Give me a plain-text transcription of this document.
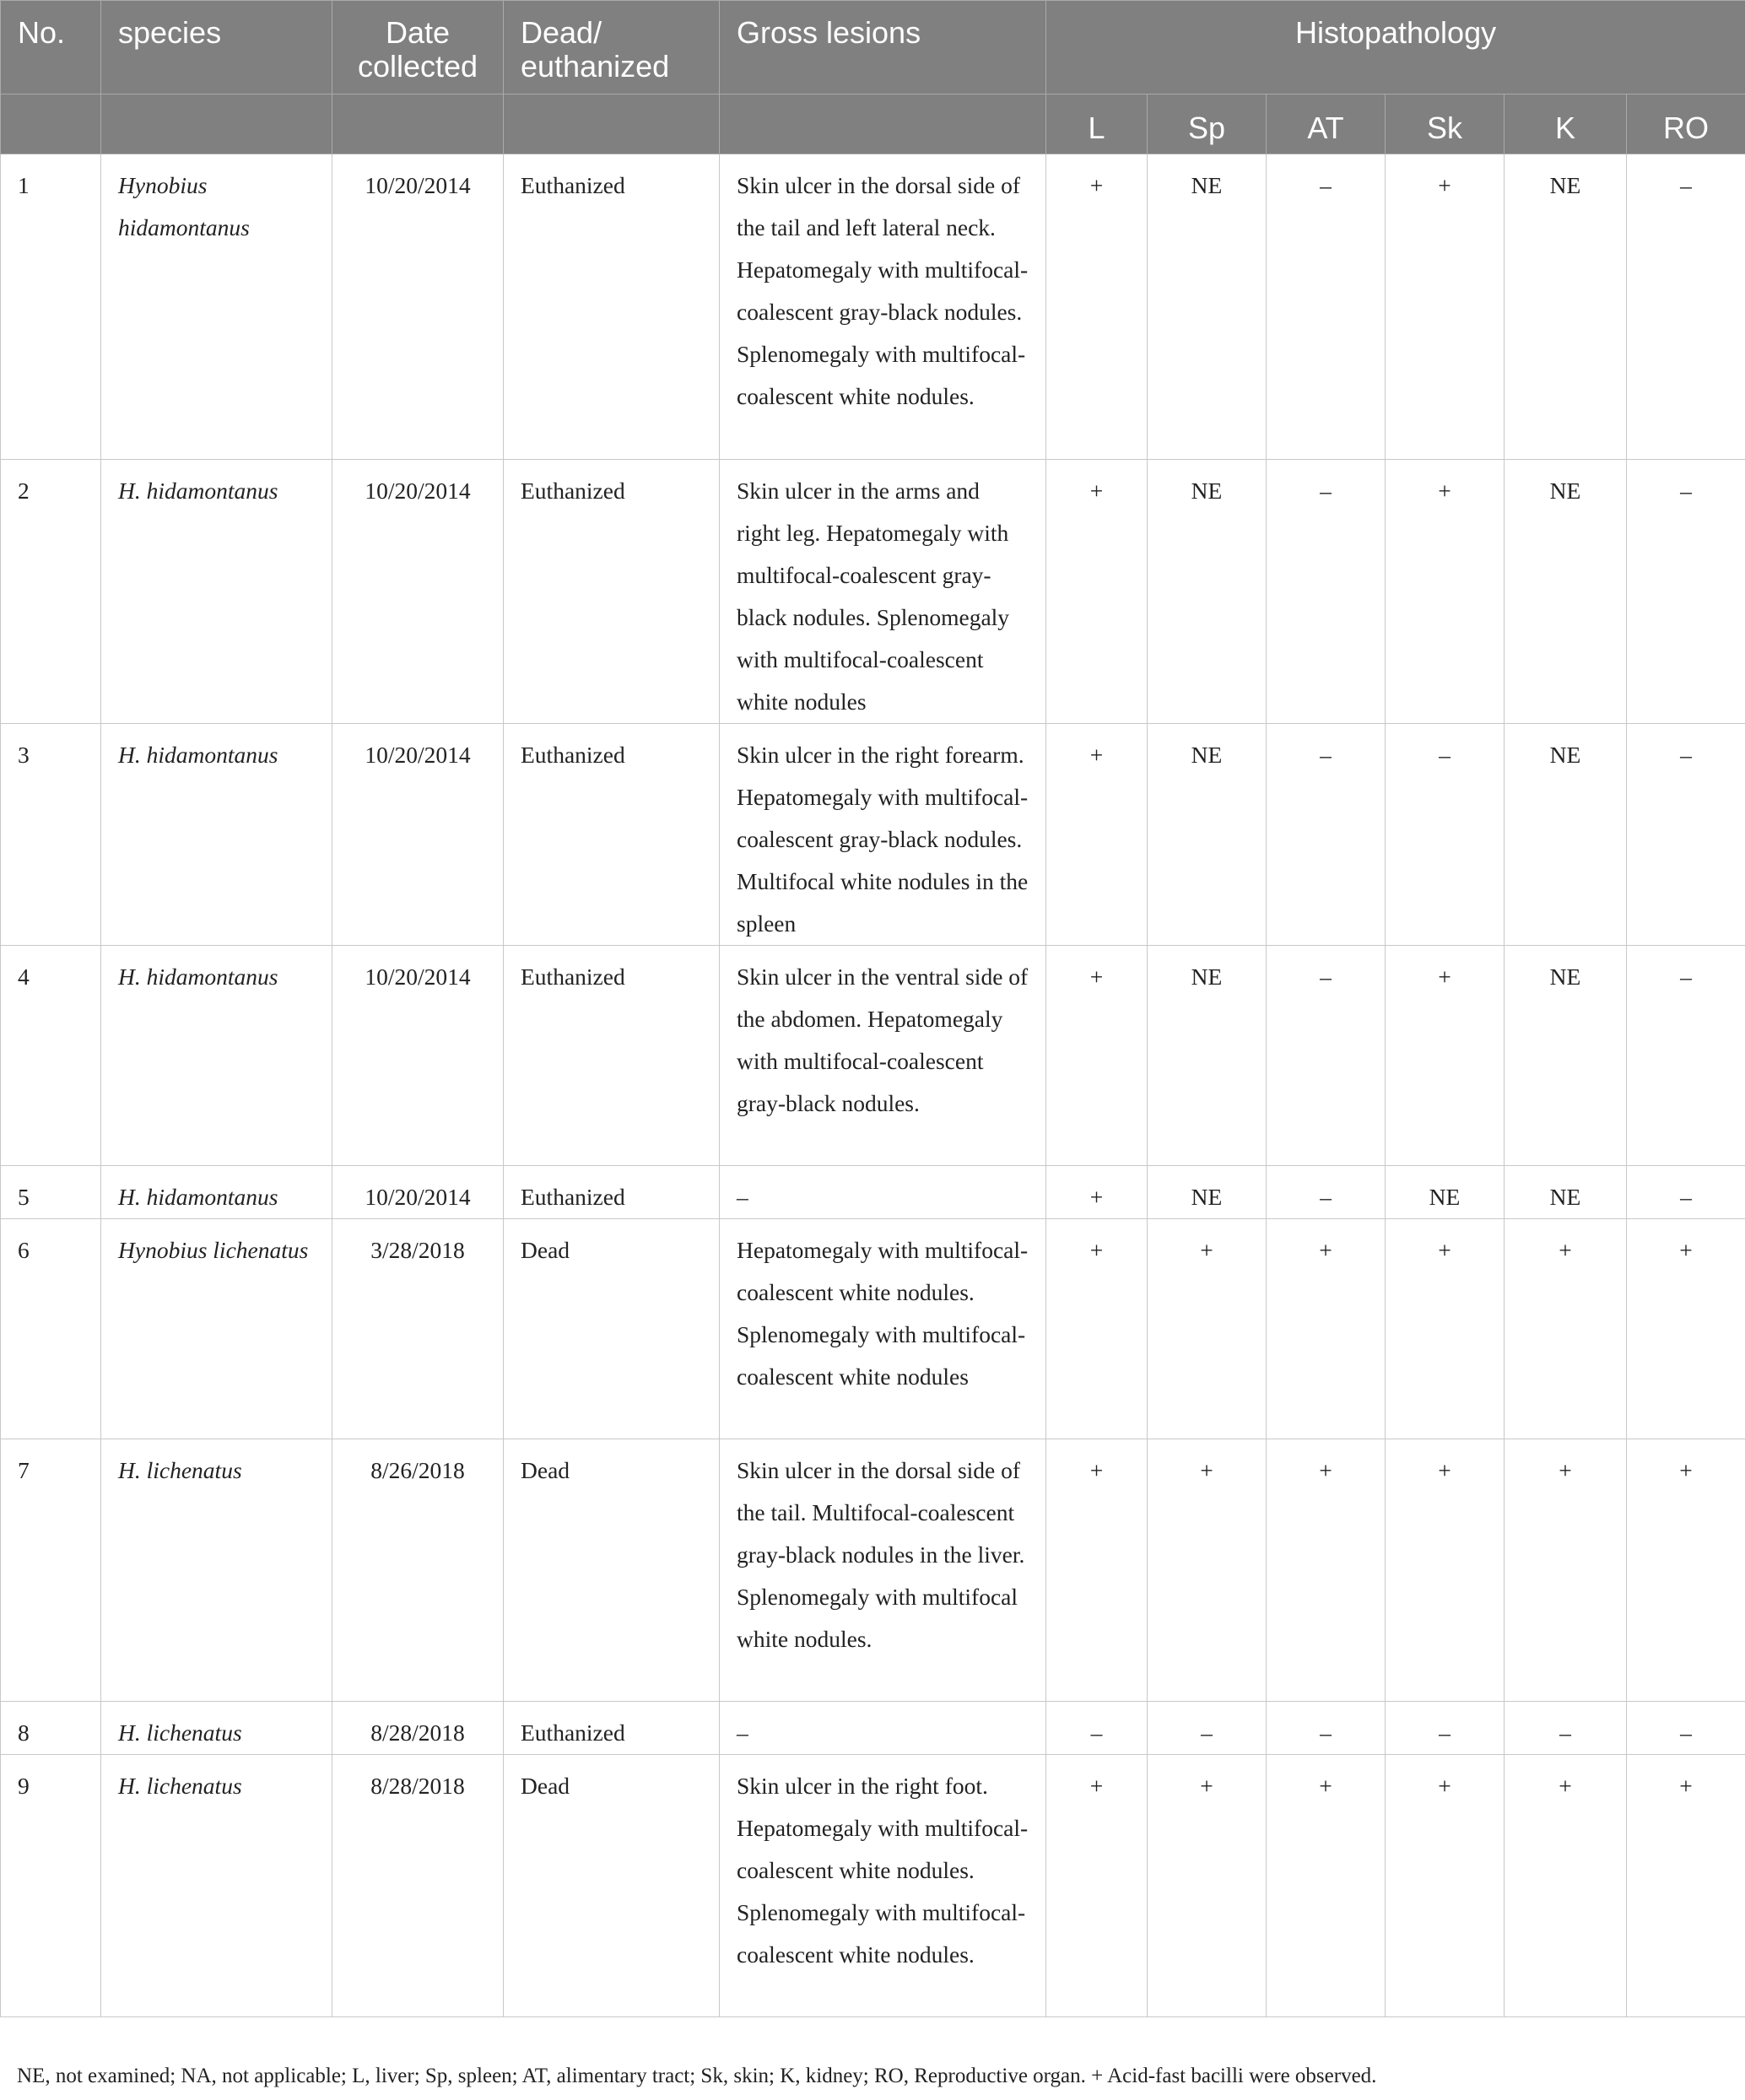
No.	species	Date collected	Dead/ euthanized	Gross lesions	Histopathology					
					L	Sp	AT	Sk	K	RO
1	Hynobius hidamontanus	10/20/2014	Euthanized	Skin ulcer in the dorsal side of the tail and left lateral neck. Hepatomegaly with multifocal-coalescent gray-black nodules. Splenomegaly with multifocal-coalescent white nodules.	+	NE	–	+	NE	–
2	H. hidamontanus	10/20/2014	Euthanized	Skin ulcer in the arms and right leg. Hepatomegaly with multifocal-coalescent gray-black nodules. Splenomegaly with multifocal-coalescent white nodules	+	NE	–	+	NE	–
3	H. hidamontanus	10/20/2014	Euthanized	Skin ulcer in the right forearm. Hepatomegaly with multifocal-coalescent gray-black nodules. Multifocal white nodules in the spleen	+	NE	–	–	NE	–
4	H. hidamontanus	10/20/2014	Euthanized	Skin ulcer in the ventral side of the abdomen. Hepatomegaly with multifocal-coalescent gray-black nodules.	+	NE	–	+	NE	–
5	H. hidamontanus	10/20/2014	Euthanized	–	+	NE	–	NE	NE	–
6	Hynobius lichenatus	3/28/2018	Dead	Hepatomegaly with multifocal-coalescent white nodules. Splenomegaly with multifocal-coalescent white nodules	+	+	+	+	+	+
7	H. lichenatus	8/26/2018	Dead	Skin ulcer in the dorsal side of the tail. Multifocal-coalescent gray-black nodules in the liver. Splenomegaly with multifocal white nodules.	+	+	+	+	+	+
8	H. lichenatus	8/28/2018	Euthanized	–	–	–	–	–	–	–
9	H. lichenatus	8/28/2018	Dead	Skin ulcer in the right foot. Hepatomegaly with multifocal-coalescent white nodules. Splenomegaly with multifocal- coalescent white nodules.	+	+	+	+	+	+
NE, not examined; NA, not applicable; L, liver; Sp, spleen; AT, alimentary tract; Sk, skin; K, kidney; RO, Reproductive organ. + Acid-fast bacilli were observed.
